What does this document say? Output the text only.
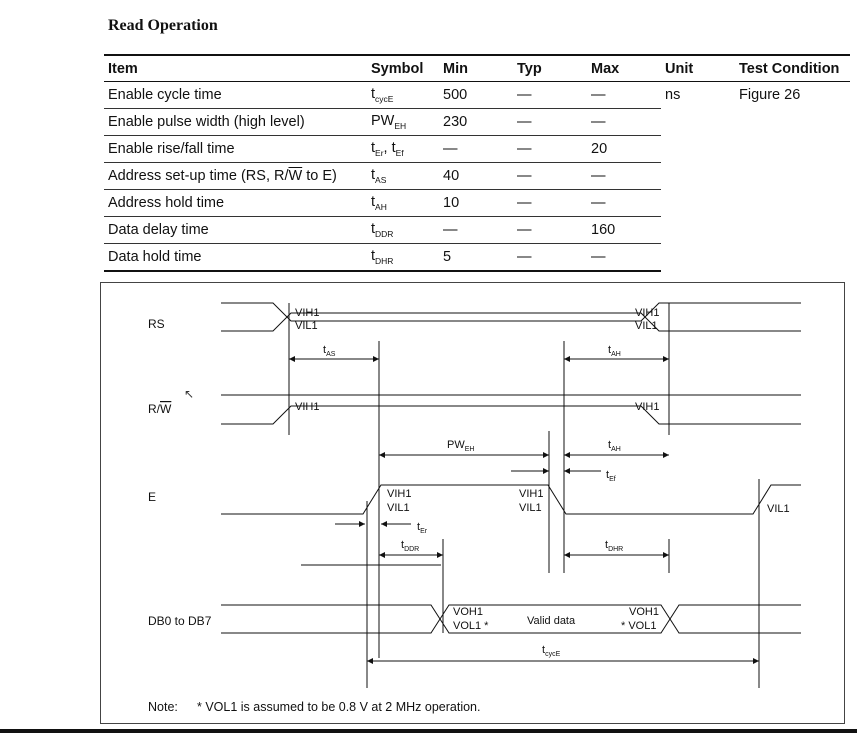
Read Operation
Item	Symbol	Min	Typ	Max	Unit	Test Condition
Enable cycle time	$t_{cycE}$	500	—	—	ns	Figure 26
Enable pulse width (high level)	$PW_{EH}$	230	—	—		
Enable rise/fall time	$t_{Er}$, $t_{Ef}$	—	—	20		
Address set-up time (RS, $R/\overline{W}$ to E)	$t_{AS}$	40	—	—		
Address hold time	$t_{AH}$	10	—	—		
Data delay time	$t_{DDR}$	—	—	160		
Data hold time	$t_{DHR}$	5	—	—		
RS
R/W
E
DB0 to DB7
VIH1
VIL1
VIH1
VIL1
VIH1	VIH1
VIH1
VIL1
VIH1
VIL1	VIL1
VOH1
VOL1 *	Valid data
VOH1
* VOL1
$t_{AS}$	$t_{AH}$
$PW_{EH}$	$t_{AH}$
$t_{Ef}$
$t_{Er}$
$t_{DDR}$	$t_{DHR}$
$t_{cycE}$
Note: * VOL1 is assumed to be 0.8 V at 2 MHz operation.
↖
